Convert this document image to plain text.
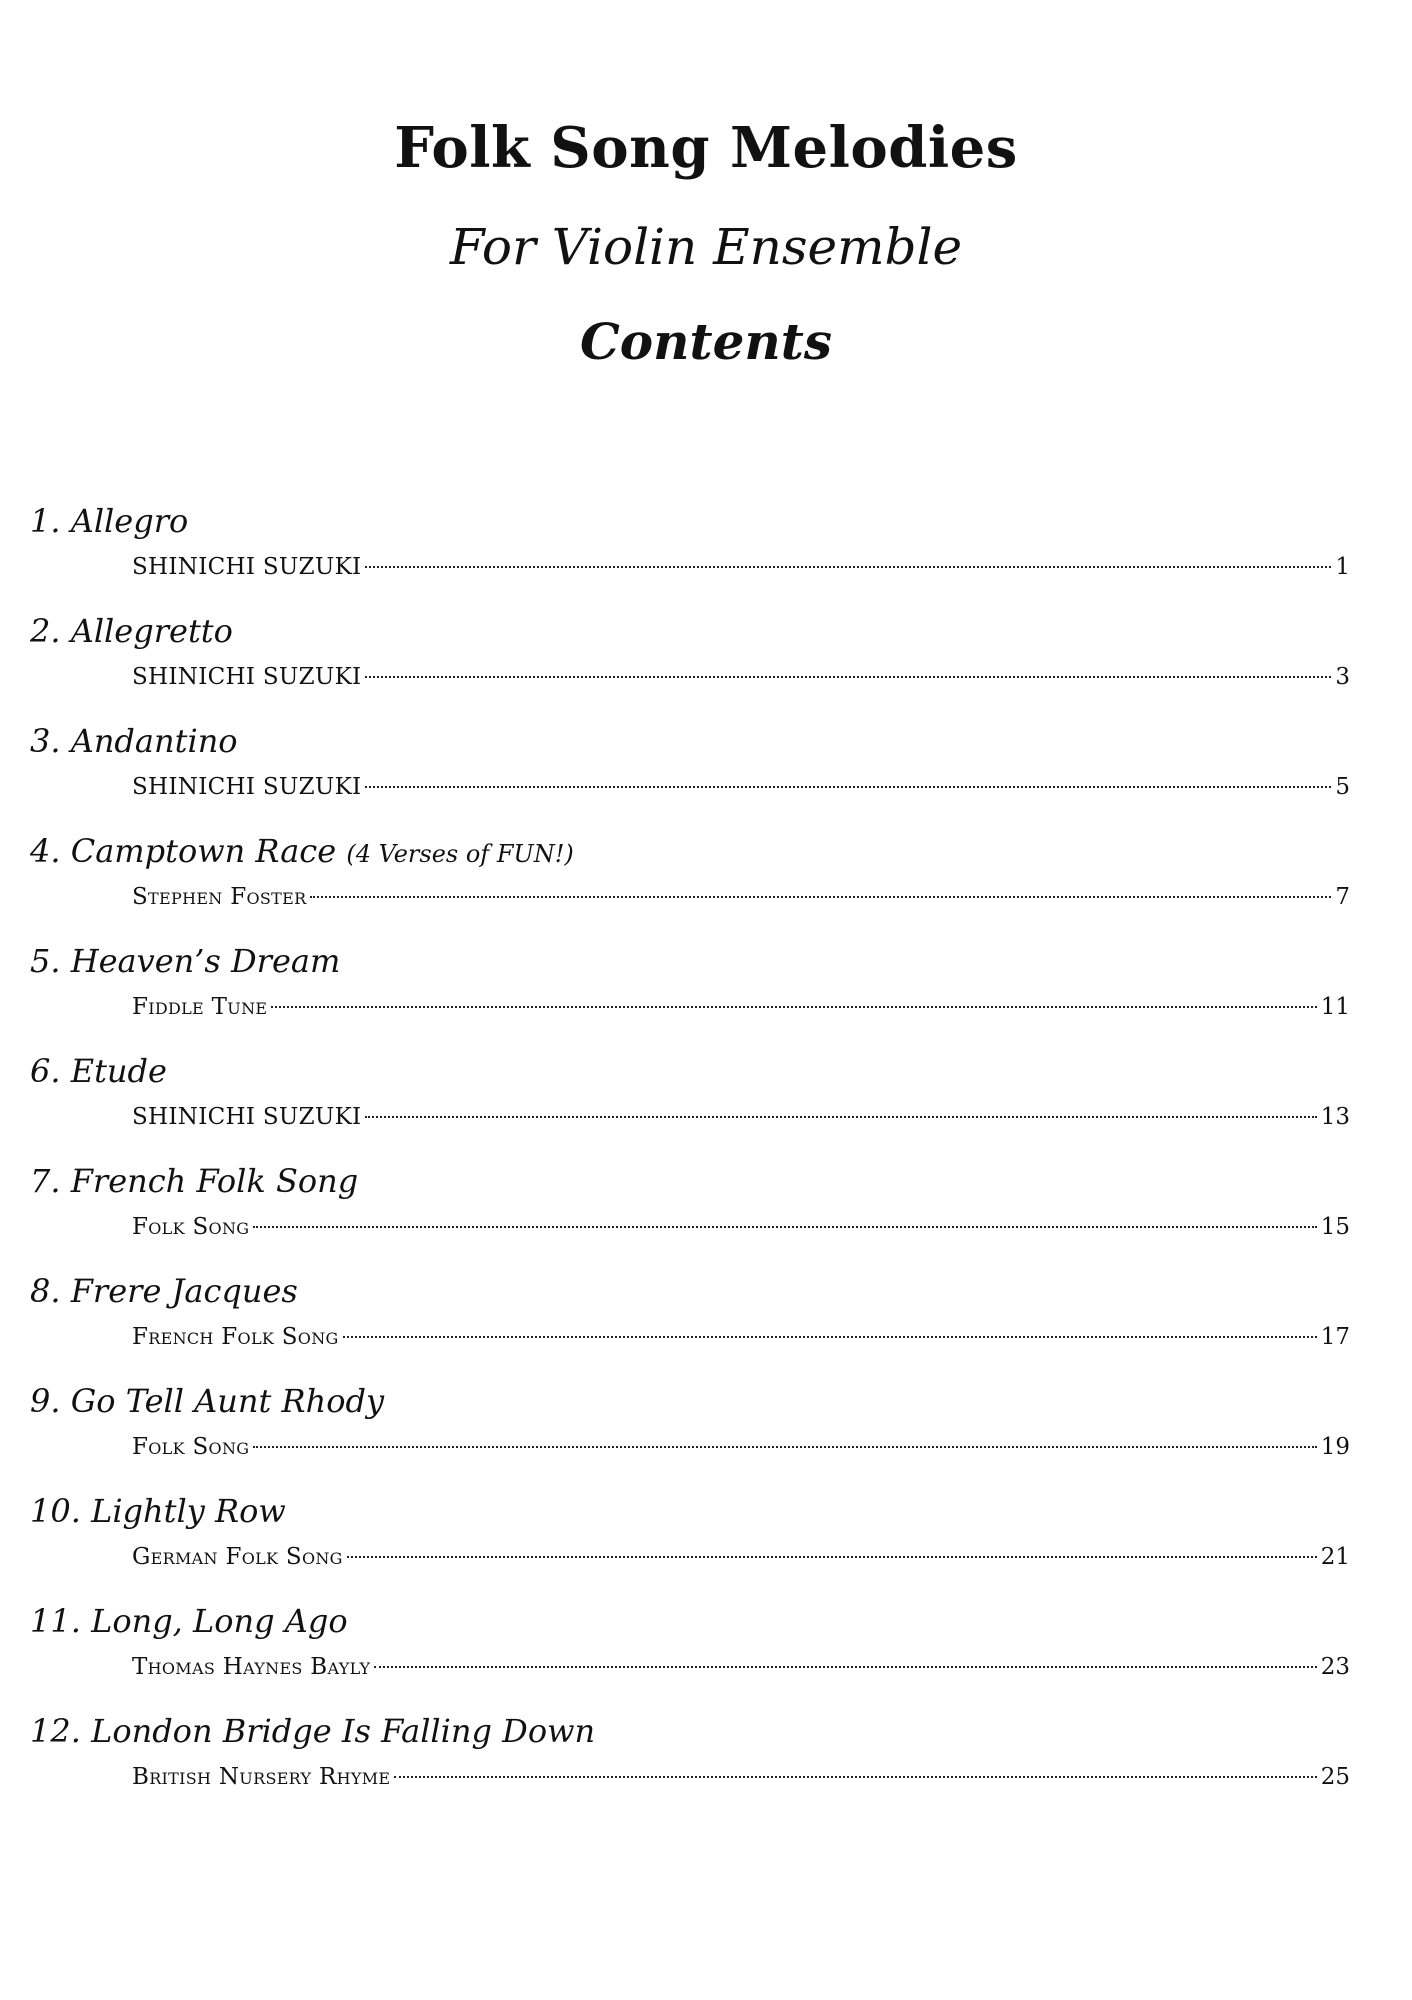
Folk Song Melodies
For Violin Ensemble
Contents
1. Allegro
SHINICHI SUZUKI	1
2. Allegretto
SHINICHI SUZUKI	3
3. Andantino
SHINICHI SUZUKI	5
4. Camptown Race (4 Verses of FUN!)
Stephen Foster	7
5. Heaven’s Dream
Fiddle Tune	11
6. Etude
SHINICHI SUZUKI	13
7. French Folk Song
Folk Song	15
8. Frere Jacques
French Folk Song	17
9. Go Tell Aunt Rhody
Folk Song	19
10. Lightly Row
German Folk Song	21
11. Long, Long Ago
Thomas Haynes Bayly	23
12. London Bridge Is Falling Down
British Nursery Rhyme	25
